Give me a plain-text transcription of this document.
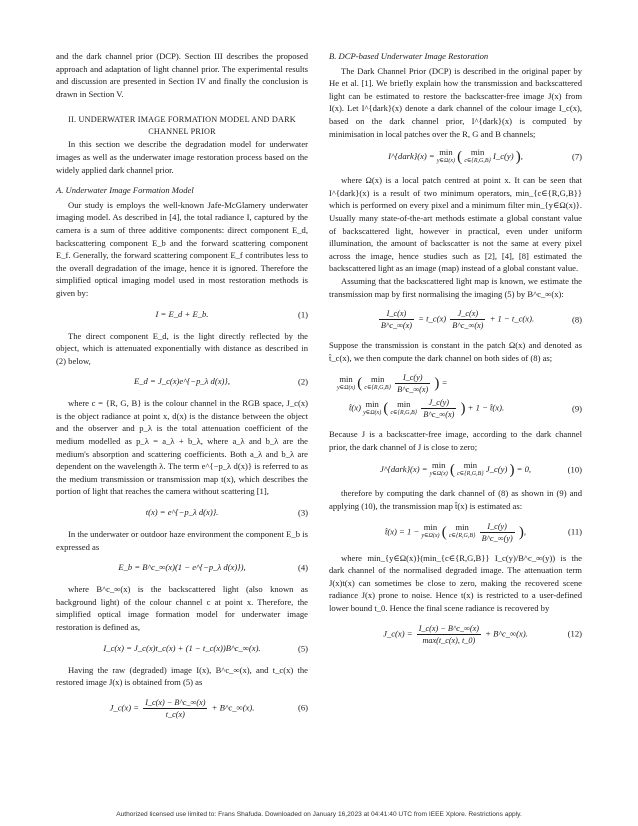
and the dark channel prior (DCP). Section III describes the proposed approach and adaptation of light channel prior. The experimental results and discussion are presented in Section IV and finally the conclusion is drawn in Section V.

II. UNDERWATER IMAGE FORMATION MODEL AND DARK CHANNEL PRIOR

In this section we describe the degradation model for underwater images as well as the underwater image restoration process based on the widely applied dark channel prior.

A. Underwater Image Formation Model

Our study is employs the well-known Jafe-McGlamery underwater imaging model. As described in [4], the total radiance I, captured by the camera is a sum of three additive components: direct component E_d, backscattering component E_b and the forward scattering component E_f. Generally, the forward scattering component E_f contributes less to the overall degradation of the image, hence it is ignored. Therefore the simplified optical imaging model used in most restoration methods is given by:

I = E_d + E_b.	(1)

The direct component E_d, is the light directly reflected by the object, which is attenuated exponentially with distance as described in (2) below,

E_d = J_c(x)e^{−p_λ d(x)},	(2)

where c = {R, G, B} is the colour channel in the RGB space, J_c(x) is the object radiance at point x, d(x) is the distance between the object and the observer and p_λ is the total attenuation coefficient of the medium modelled as p_λ = a_λ + b_λ, where a_λ and b_λ are the medium's absorption and scattering coefficients. Both a_λ and b_λ are dependent on the wavelength λ. The term e^{−p_λ d(x)} is referred to as the medium transmission or transmission map t(x), which describes the portion of light that reaches the camera without scattering [1],

t(x) = e^{−p_λ d(x)}.	(3)

In the underwater or outdoor haze environment the component E_b is expressed as

E_b = B^c_∞(x)(1 − e^{−p_λ d(x)}),	(4)

where B^c_∞(x) is the backscattered light (also known as background light) of the colour channel c at point x. Therefore, the simplified optical image formation model for underwater image restoration is defined as,

I_c(x) = J_c(x)t_c(x) + (1 − t_c(x))B^c_∞(x).	(5)

Having the raw (degraded) image I(x), B^c_∞(x), and t_c(x) the restored image J(x) is obtained from (5) as

J_c(x) = $\frac{I\_c(x) - B\^{}c\_\infty(x)}{t\_c(x)}$ + B^c_∞(x).	(6)
B. DCP-based Underwater Image Restoration

The Dark Channel Prior (DCP) is described in the original paper by He et al. [1]. We briefly explain how the transmission and backscattered light can be estimated to restore the backscatter-free image J(x) from I(x). Let I^{dark}(x) denote a dark channel of the colour image I_c(x), based on the dark channel prior, I^{dark}(x) is computed by minimisation in local patches over the R, G and B channels;

I^{dark}(x) = min
y∈Ω(x) (	min
c∈{R,G,B}
I_c(y) ),	(7)

where Ω(x) is a local patch centred at point x. It can be seen that I^{dark}(x) is a result of two minimum operators, min_{c∈{R,G,B}} which is performed on every pixel and a minimum filter min_{y∈Ω(x)}. Usually many state-of-the-art methods estimate a global constant value of backscattered light, however in practical, even under uniform illumination, the amount of backscatter is not the same at every pixel across the image, hence studies such as [2], [4], [8] estimated the backscattered light as an image (map) instead of a global constant value.

Assuming that the backscattered light map is known, we estimate the transmission map by first normalising the imaging (5) by B^c_∞(x):

$\frac{I\_c(x)}{B\^{}c\_\infty(x)}$ = t_c(x) $\frac{J\_c(x)}{B\^{}c\_\infty(x)} + 1$ − t_c(x).	(8)

Suppose the transmission is constant in the patch Ω(x) and denoted as t̂_c(x), we then compute the dark channel on both sides of (8) as;

min
y∈Ω(x) (	min
c∈{R,G,B}
$\frac{I\_c(y)}{B\^{}c\_\infty(x)}$ ) =
t̂(x) min
y∈Ω(x) (	min
c∈{R,G,B}
$\frac{J\_c(y)}{B\^{}c\_\infty(x)}$ ) + 1 − t̂(x).	(9)

Because J is a backscatter-free image, according to the dark channel prior, the dark channel of J is close to zero;

J^{dark}(x) = min
y∈Ω(x) (	min
c∈{R,G,B}
J_c(y) ) = 0,	(10)

therefore by computing the dark channel of (8) as shown in (9) and applying (10), the transmission map t̂(x) is estimated as:

t̂(x) = 1 − min
y∈Ω(x) (	min
c∈{R,G,B}
$\frac{I\_c(y)}{B\^{}c\_\infty(y)}$ ),	(11)

where min_{y∈Ω(x)}(min_{c∈{R,G,B}} I_c(y)/B^c_∞(y)) is the dark channel of the normalised degraded image. The attenuation term J(x)t(x) can sometimes be close to zero, making the recovered scene radiance J(x) prone to noise. Hence t(x) is restricted to a user-defined lower bound t_0. Hence the final scene radiance is recovered by

J_c(x) = $\frac{I\_c(x) - B\^{}c\_\infty(x)}{\max(t\_c(x), t\_0)}$ + B^c_∞(x).	(12)
Authorized licensed use limited to: Frans Shafuda. Downloaded on January 16,2023 at 04:41:40 UTC from IEEE Xplore. Restrictions apply.
